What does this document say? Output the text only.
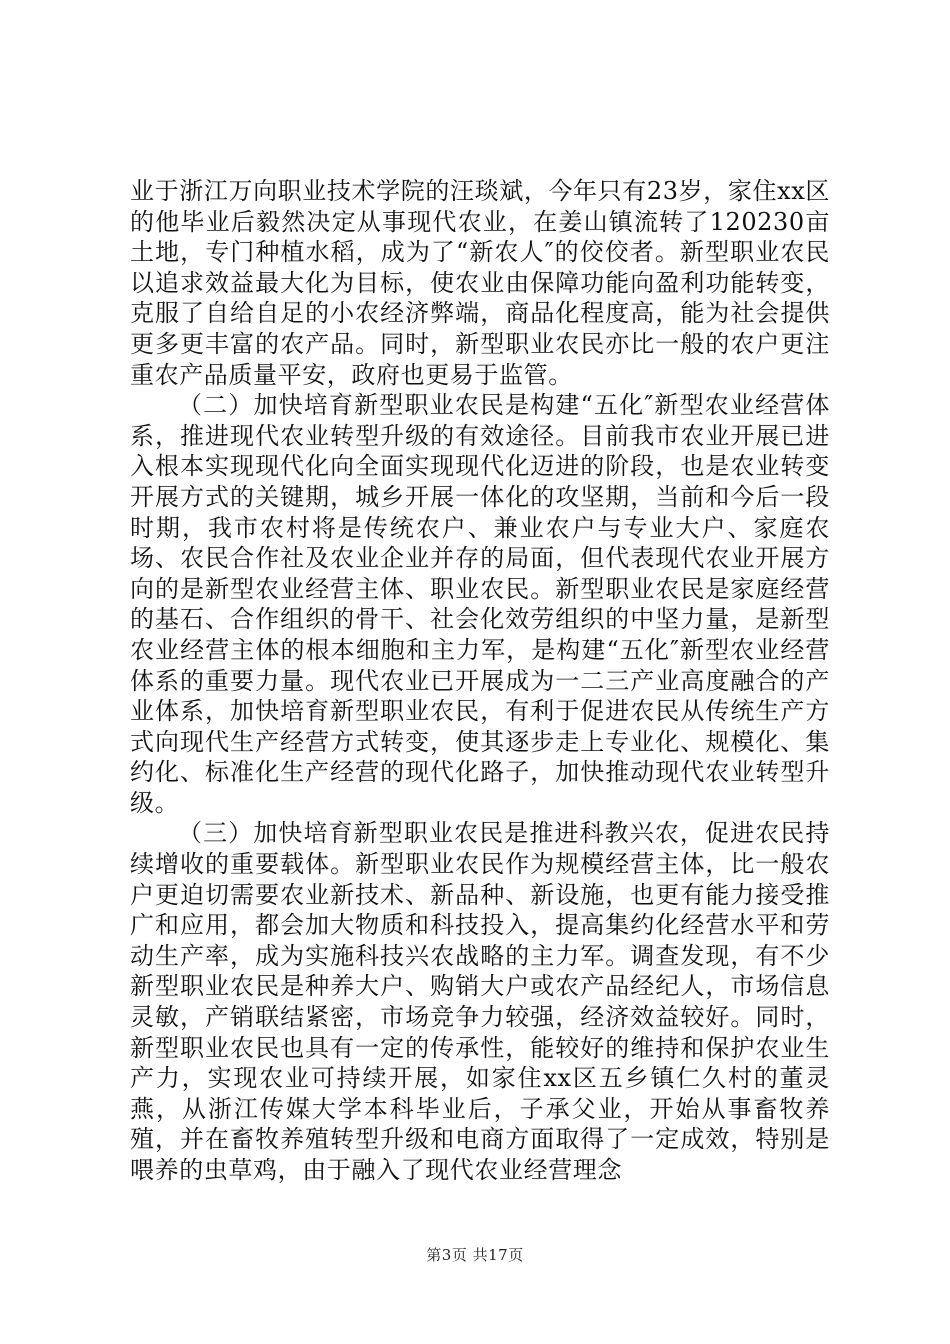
业于浙江万向职业技术学院的汪琰斌，今年只有23岁，家住xx区的他毕业后毅然决定从事现代农业，在姜山镇流转了120230亩土地，专门种植水稻，成为了“新农人″的佼佼者。新型职业农民以追求效益最大化为目标，使农业由保障功能向盈利功能转变，克服了自给自足的小农经济弊端，商品化程度高，能为社会提供更多更丰富的农产品。同时，新型职业农民亦比一般的农户更注重农产品质量平安，政府也更易于监管。

（二）加快培育新型职业农民是构建“五化″新型农业经营体系，推进现代农业转型升级的有效途径。目前我市农业开展已进入根本实现现代化向全面实现现代化迈进的阶段，也是农业转变开展方式的关键期，城乡开展一体化的攻坚期，当前和今后一段时期，我市农村将是传统农户、兼业农户与专业大户、家庭农场、农民合作社及农业企业并存的局面，但代表现代农业开展方向的是新型农业经营主体、职业农民。新型职业农民是家庭经营的基石、合作组织的骨干、社会化效劳组织的中坚力量，是新型农业经营主体的根本细胞和主力军，是构建“五化″新型农业经营体系的重要力量。现代农业已开展成为一二三产业高度融合的产业体系，加快培育新型职业农民，有利于促进农民从传统生产方式向现代生产经营方式转变，使其逐步走上专业化、规模化、集约化、标准化生产经营的现代化路子，加快推动现代农业转型升级。

（三）加快培育新型职业农民是推进科教兴农，促进农民持续增收的重要载体。新型职业农民作为规模经营主体，比一般农户更迫切需要农业新技术、新品种、新设施，也更有能力接受推广和应用，都会加大物质和科技投入，提高集约化经营水平和劳动生产率，成为实施科技兴农战略的主力军。调查发现，有不少新型职业农民是种养大户、购销大户或农产品经纪人，市场信息灵敏，产销联结紧密，市场竞争力较强，经济效益较好。同时，新型职业农民也具有一定的传承性，能较好的维持和保护农业生产力，实现农业可持续开展，如家住xx区五乡镇仁久村的董灵燕，从浙江传媒大学本科毕业后，子承父业，开始从事畜牧养殖，并在畜牧养殖转型升级和电商方面取得了一定成效，特别是喂养的虫草鸡，由于融入了现代农业经营理念

第3页 共17页
